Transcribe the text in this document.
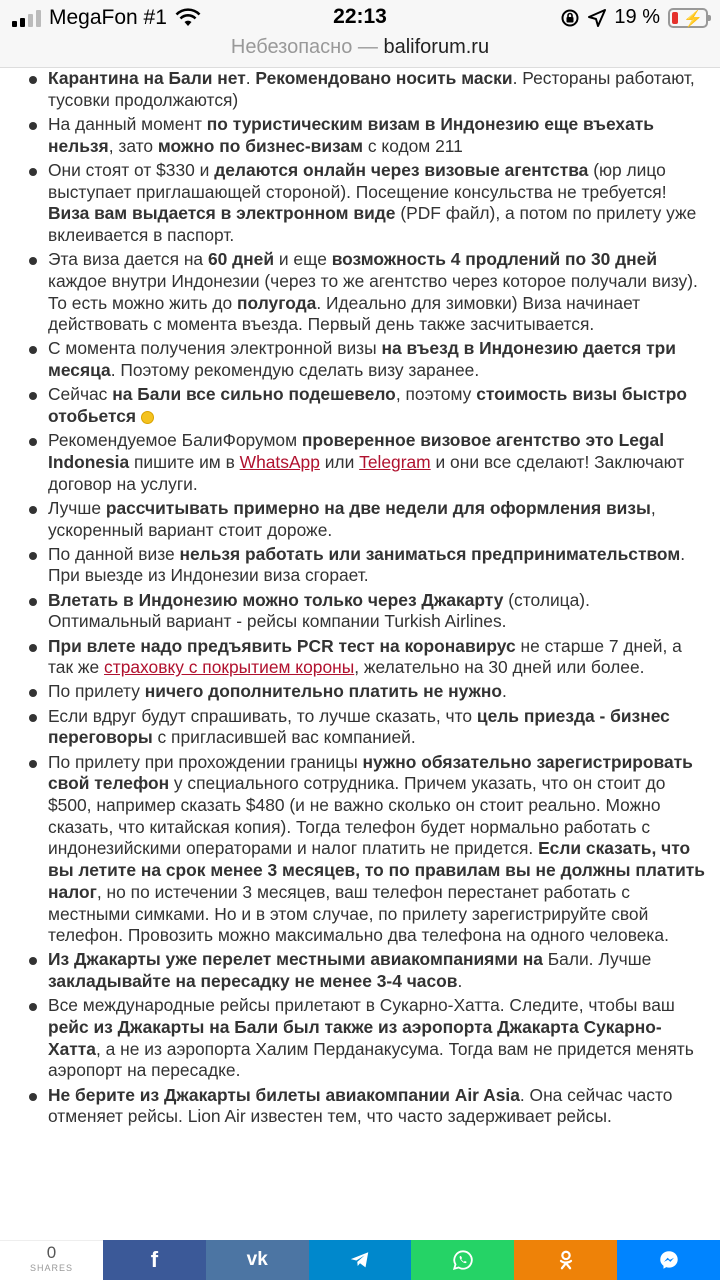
MegaFon #1	22:13	19 % ⚡
Небезопасно — baliforum.ru
Карантина на Бали нет. Рекомендовано носить маски. Рестораны работают, тусовки продолжаются)
На данный момент по туристическим визам в Индонезию еще въехать нельзя, зато можно по бизнес-визам с кодом 211
Они стоят от $330 и делаются онлайн через визовые агентства (юр лицо выступает приглашающей стороной). Посещение консульства не требуется! Виза вам выдается в электронном виде (PDF файл), а потом по прилету уже вклеивается в паспорт.
Эта виза дается на 60 дней и еще возможность 4 продлений по 30 дней каждое внутри Индонезии (через то же агентство через которое получали визу). То есть можно жить до полугода. Идеально для зимовки) Виза начинает действовать с момента въезда. Первый день также засчитывается.
С момента получения электронной визы на въезд в Индонезию дается три месяца. Поэтому рекомендую сделать визу заранее.
Сейчас на Бали все сильно подешевело, поэтому стоимость визы быстро отобьется
Рекомендуемое БалиФорумом проверенное визовое агентство это Legal Indonesia пишите им в WhatsApp или Telegram и они все сделают! Заключают договор на услуги.
Лучше рассчитывать примерно на две недели для оформления визы, ускоренный вариант стоит дороже.
По данной визе нельзя работать или заниматься предпринимательством. При выезде из Индонезии виза сгорает.
Влетать в Индонезию можно только через Джакарту (столица). Оптимальный вариант - рейсы компании Turkish Airlines.
При влете надо предъявить PCR тест на коронавирус не старше 7 дней, а так же страховку с покрытием короны, желательно на 30 дней или более.
По прилету ничего дополнительно платить не нужно.
Если вдруг будут спрашивать, то лучше сказать, что цель приезда - бизнес переговоры с пригласившей вас компанией.
По прилету при прохождении границы нужно обязательно зарегистрировать свой телефон у специального сотрудника. Причем указать, что он стоит до $500, например сказать $480 (и не важно сколько он стоит реально. Можно сказать, что китайская копия). Тогда телефон будет нормально работать с индонезийскими операторами и налог платить не придется. Если сказать, что вы летите на срок менее 3 месяцев, то по правилам вы не должны платить налог, но по истечении 3 месяцев, ваш телефон перестанет работать с местными симками. Но и в этом случае, по прилету зарегистрируйте свой телефон. Провозить можно максимально два телефона на одного человека.
Из Джакарты уже перелет местными авиакомпаниями на Бали. Лучше закладывайте на пересадку не менее 3-4 часов.
Все международные рейсы прилетают в Сукарно-Хатта. Следите, чтобы ваш рейс из Джакарты на Бали был также из аэропорта Джакарта Сукарно-Хатта, а не из аэропорта Халим Перданакусума. Тогда вам не придется менять аэропорт на пересадке.
Не берите из Джакарты билеты авиакомпании Air Asia. Она сейчас часто отменяет рейсы. Lion Air известен тем, что часто задерживает рейсы.
0
SHARES	f	vk
